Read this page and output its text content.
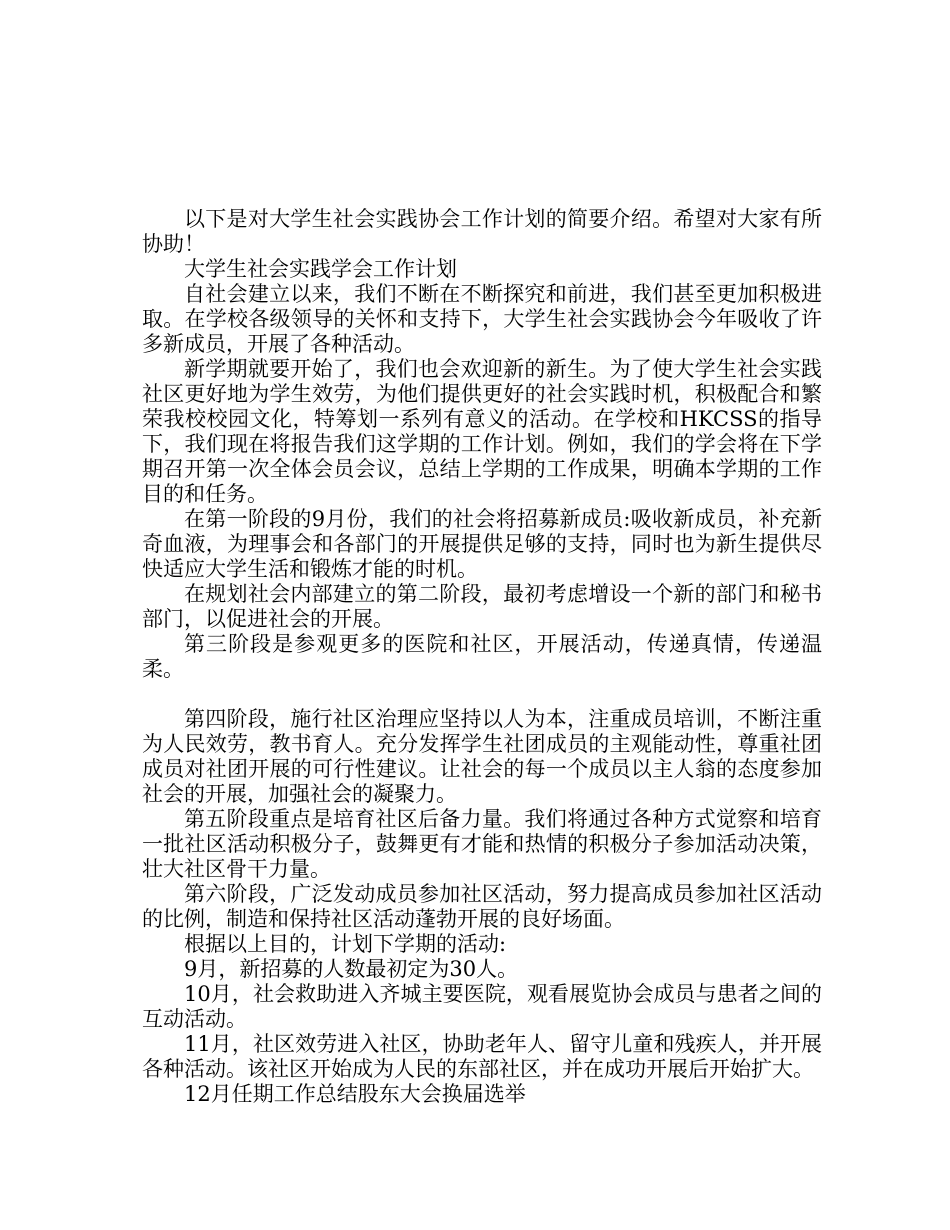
以下是对大学生社会实践协会工作计划的简要介绍。希望对大家有所协助！

大学生社会实践学会工作计划

自社会建立以来，我们不断在不断探究和前进，我们甚至更加积极进取。在学校各级领导的关怀和支持下，大学生社会实践协会今年吸收了许多新成员，开展了各种活动。

新学期就要开始了，我们也会欢迎新的新生。为了使大学生社会实践社区更好地为学生效劳，为他们提供更好的社会实践时机，积极配合和繁荣我校校园文化，特筹划一系列有意义的活动。在学校和HKCSS的指导下，我们现在将报告我们这学期的工作计划。例如，我们的学会将在下学期召开第一次全体会员会议，总结上学期的工作成果，明确本学期的工作目的和任务。

在第一阶段的9月份，我们的社会将招募新成员:吸收新成员，补充新奇血液，为理事会和各部门的开展提供足够的支持，同时也为新生提供尽快适应大学生活和锻炼才能的时机。

在规划社会内部建立的第二阶段，最初考虑增设一个新的部门和秘书部门，以促进社会的开展。

第三阶段是参观更多的医院和社区，开展活动，传递真情，传递温柔。

第四阶段，施行社区治理应坚持以人为本，注重成员培训，不断注重为人民效劳，教书育人。充分发挥学生社团成员的主观能动性，尊重社团成员对社团开展的可行性建议。让社会的每一个成员以主人翁的态度参加社会的开展，加强社会的凝聚力。

第五阶段重点是培育社区后备力量。我们将通过各种方式觉察和培育一批社区活动积极分子，鼓舞更有才能和热情的积极分子参加活动决策，壮大社区骨干力量。

第六阶段，广泛发动成员参加社区活动，努力提高成员参加社区活动的比例，制造和保持社区活动蓬勃开展的良好场面。

根据以上目的，计划下学期的活动:

9月，新招募的人数最初定为30人。

10月，社会救助进入齐城主要医院，观看展览协会成员与患者之间的互动活动。

11月，社区效劳进入社区，协助老年人、留守儿童和残疾人，并开展各种活动。该社区开始成为人民的东部社区，并在成功开展后开始扩大。

12月任期工作总结股东大会换届选举
